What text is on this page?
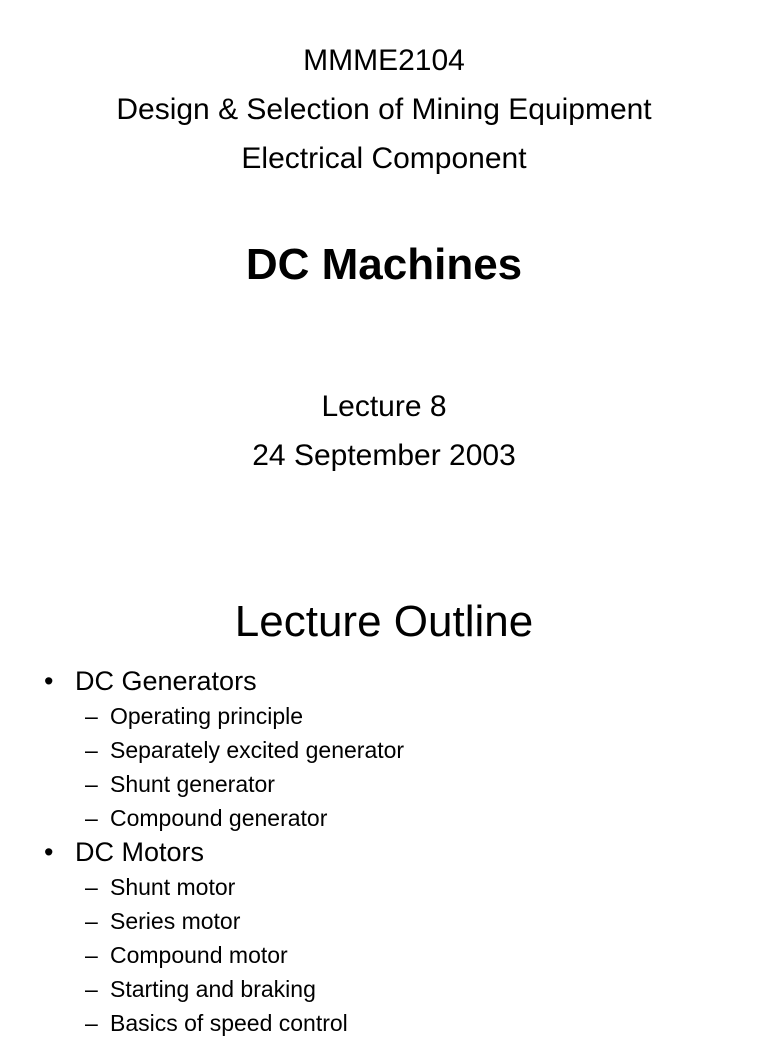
MMME2104
Design & Selection of Mining Equipment
Electrical Component
DC Machines
Lecture 8
24 September 2003
Lecture Outline
• DC Generators
– Operating principle
– Separately excited generator
– Shunt generator
– Compound generator
• DC Motors
– Shunt motor
– Series motor
– Compound motor
– Starting and braking
– Basics of speed control
